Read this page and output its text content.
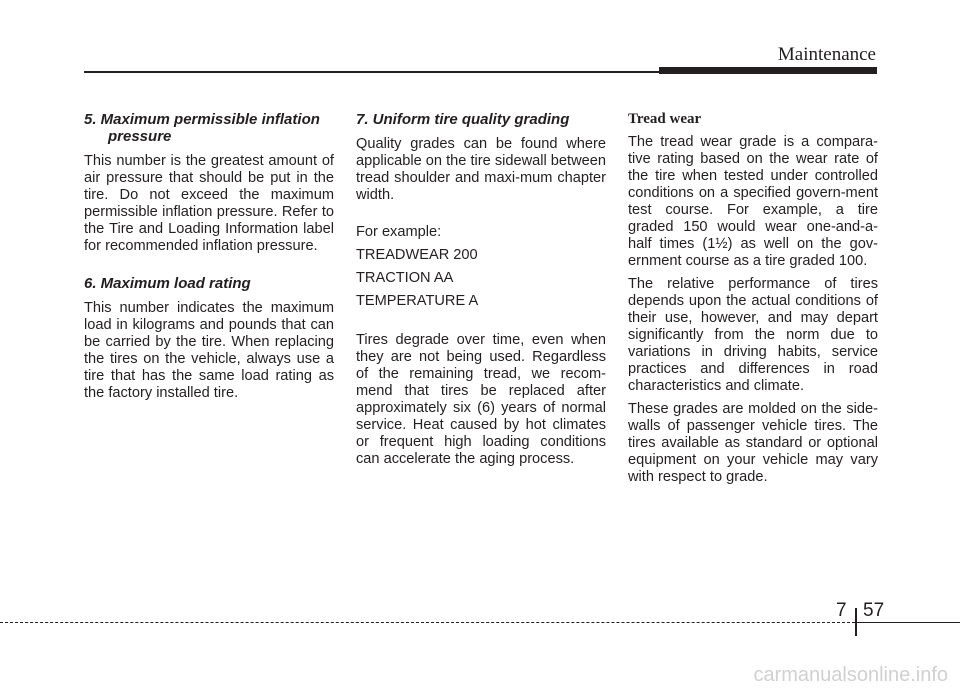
Maintenance

5. Maximum permissible inflation
pressure

This number is the greatest amount of air pressure that should be put in the tire. Do not exceed the maximum permissible inflation pressure. Refer to the Tire and Loading Information label for recommended inflation pressure.

6. Maximum load rating

This number indicates the maximum load in kilograms and pounds that can be carried by the tire. When replacing the tires on the vehicle, always use a tire that has the same load rating as the factory installed tire.

7. Uniform tire quality grading

Quality grades can be found where applicable on the tire sidewall between tread shoulder and maxi-mum chapter width.

For example:

TREADWEAR 200

TRACTION AA

TEMPERATURE A

Tires degrade over time, even when they are not being used. Regardless of the remaining tread, we recom-mend that tires be replaced after approximately six (6) years of normal service. Heat caused by hot climates or frequent high loading conditions can accelerate the aging process.

Tread wear

The tread wear grade is a compara-tive rating based on the wear rate of the tire when tested under controlled conditions on a specified govern-ment test course. For example, a tire graded 150 would wear one-and-a-half times (1½) as well on the gov-ernment course as a tire graded 100.

The relative performance of tires depends upon the actual conditions of their use, however, and may depart significantly from the norm due to variations in driving habits, service practices and differences in road characteristics and climate.

These grades are molded on the side-walls of passenger vehicle tires. The tires available as standard or optional equipment on your vehicle may vary with respect to grade.

7 57
carmanualsonline.info
